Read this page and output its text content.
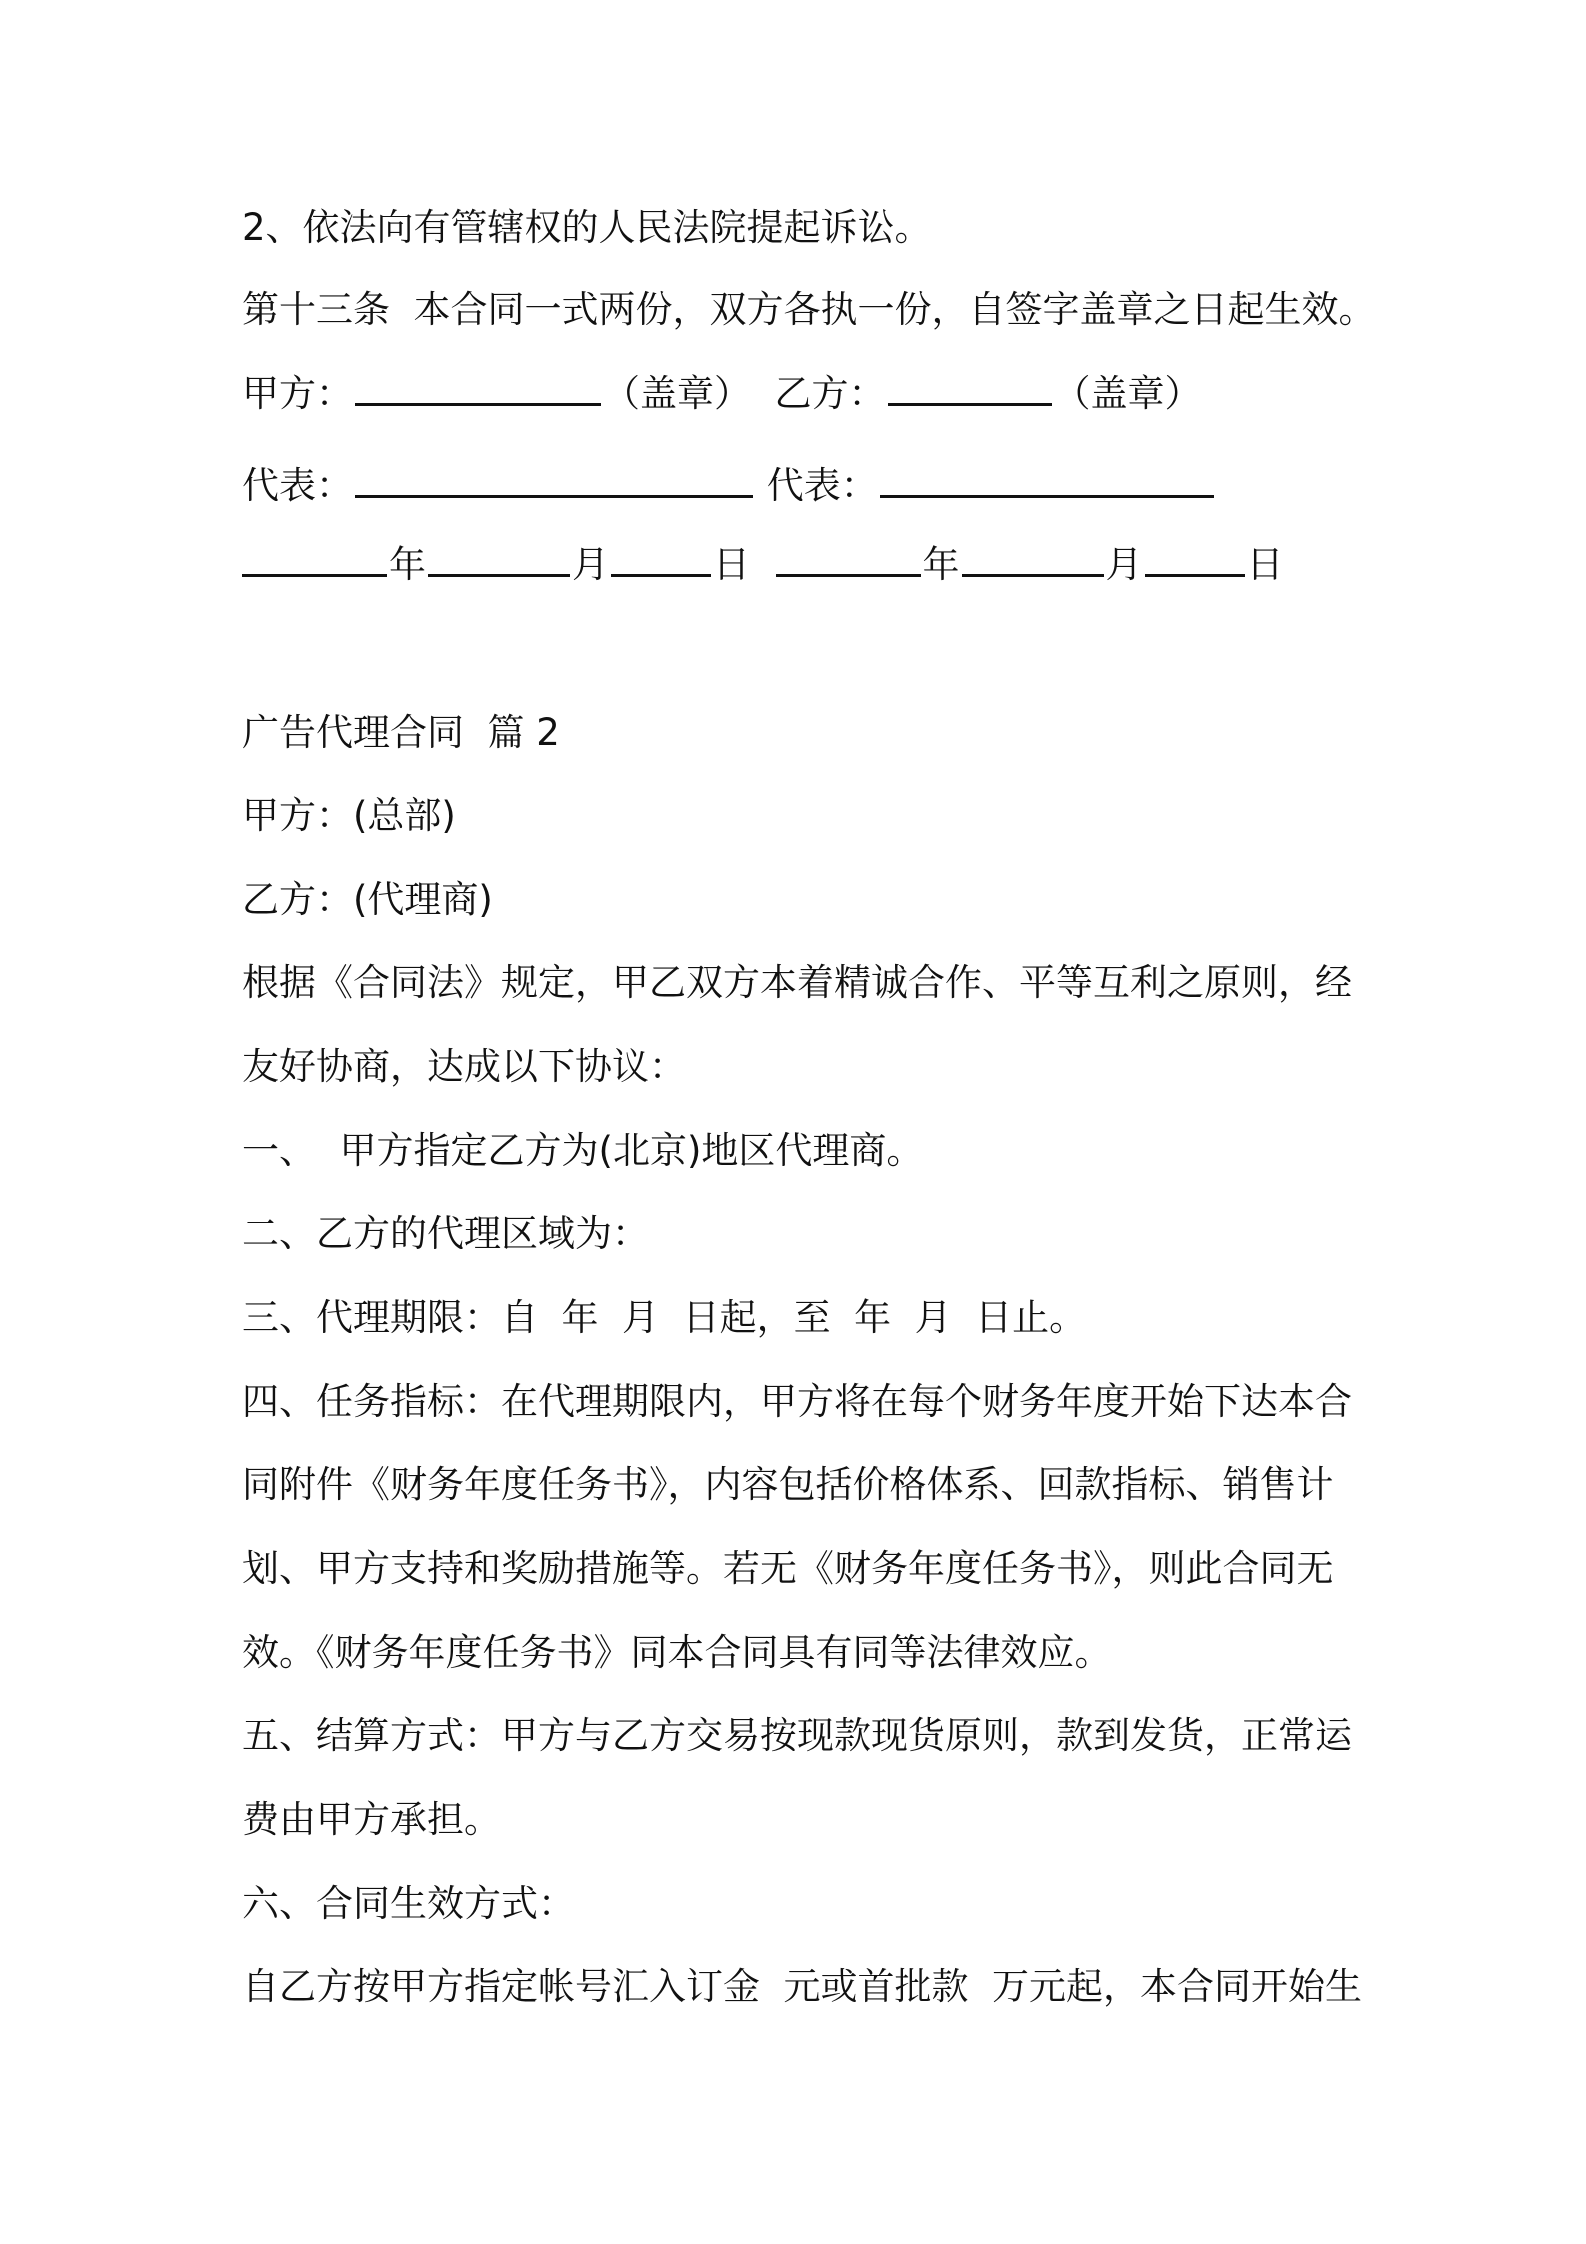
2、依法向有管辖权的人民法院提起诉讼。
第十三条  本合同一式两份，双方各执一份，自签字盖章之日起生效。
甲方：	（盖章） 乙方：	（盖章）
代表：	代表：
年	月	日	年	月	日
广告代理合同  篇 2
甲方：(总部)
乙方：(代理商)
根据《合同法》规定，甲乙双方本着精诚合作、平等互利之原则，经
友好协商，达成以下协议：
一、  甲方指定乙方为(北京)地区代理商。
二、乙方的代理区域为：
三、代理期限：自  年  月  日起，至  年  月  日止。
四、任务指标：在代理期限内，甲方将在每个财务年度开始下达本合
同附件《财务年度任务书》，内容包括价格体系、回款指标、销售计
划、甲方支持和奖励措施等。若无《财务年度任务书》，则此合同无
效。《财务年度任务书》同本合同具有同等法律效应。
五、结算方式：甲方与乙方交易按现款现货原则，款到发货，正常运
费由甲方承担。
六、合同生效方式：
自乙方按甲方指定帐号汇入订金  元或首批款  万元起，本合同开始生
